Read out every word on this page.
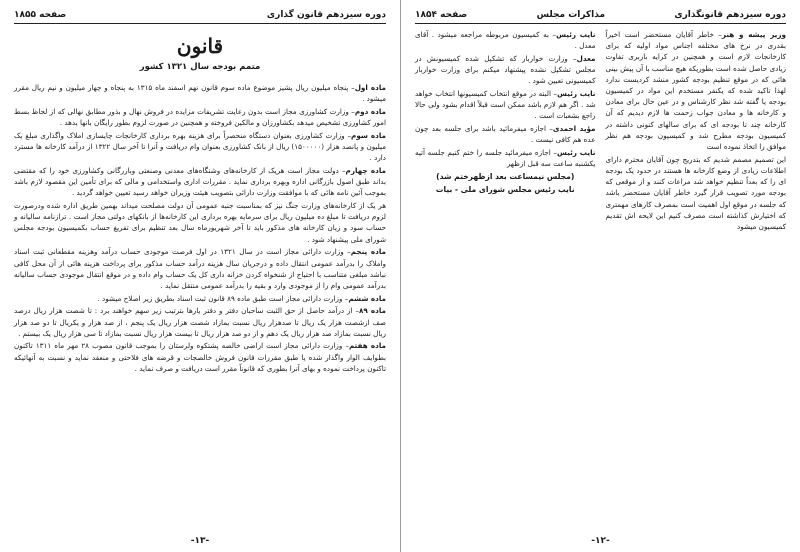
دوره سیزدهم قانونگذاری
مذاکرات مجلس
صفحه ۱۸۵۴

وزیر پیشه و هنر– خاطر آقایان مستحضر است اخیراً بقدری در نرخ های مختلفه اجناس مواد اولیه که برای کارخانجات لازم است و همچنین در کرایه باربری تفاوت زیادی حاصل شده است بطوریکه هیچ مناسب با آن پیش بینی هائی که در موقع تنظیم بودجه کشور منشد کردیست ندارد لهذا تاکید شده که یکنفر مستخدم این مواد در کمیسیون بودجه یا گفته شد نظر کارشناس و در عین حال برای معادن و کارخانه ها و معادن جواب زحمت ها لازم دیدیم که آن کارخانه چند تا بودجه ای که برای سالهای کنونی داشته در کمیسیون بودجه مطرح شد و کمیسیون بودجه هم نظر موافق را اتخاذ نموده است

این تصمیم مصمم شدیم که بتدریج چون آقایان محترم دارای اطلاعات زیادی از وضع کارخانه ها هستند در حدود یک بودجه ای را که بعداً تنظیم خواهد شد مراعات کنند و از موقعی که بودجه مورد تصویب قرار گیرد خاطر آقایان مستحضر باشد که جلسه در موقع اول اهمیت است بمصرف کارهای مهمتری که اختیارش کذاشته است مصرف کنیم این لایحه اش تقدیم کمیسیون میشود

نایب رئیس– به کمیسیون مربوطه مراجعه میشود . آقای معدل .

معدل– وزارت خواربار که تشکیل شده کمیسیونش در مجلس تشکیل نشده پیشنهاد میکنم برای وزارت خواربار کمیسیونی تعیین شود .

نایب رئیس– البته در موقع انتخاب کمیسیونها انتخاب خواهد شد . اگر هم لازم باشد ممکن است قبلاً اقدام بشود ولی حالا راجع بشعبات است .

مؤید احمدی– اجازه میفرمائید باشد برای جلسه بعد چون عده هم کافی نیست .

نایب رئیس– اجازه میفرمائید جلسه را ختم کنیم جلسه آتیه یکشنبه ساعت سه قبل ازظهر

(مجلس نیمساعت بعد ازظهرختم شد)

نایب رئیس مجلس شورای ملی - بیات

-۱۲-
دوره سیزدهم قانون گذاری
صفحه ۱۸۵۵
قانون
متمم بودجه سال ۱۳۲۱ کشور

ماده اول– پنجاه میلیون ریال پشیز موضوع ماده سوم قانون نهم اسفند ماه ۱۳۱۵ به پنجاه و چهار میلیون و نیم ریال مقرر میشود .

ماده دوم– وزارت کشاورزی مجاز است بدون رعایت تشریفات مزایده در فروش نهال و بذور مطابق نهالی که از لحاظ بسط امور کشاورزی تشخیص میدهد بکشاورزان و مالکین فروخته و همچنین در صورت لزوم بطور رایگان بانها بدهد .

ماده سوم– وزارت کشاورزی بعنوان دستگاه منحصراً برای هزینه بهره برداری کارخانجات چایسازی املاک واگذاری مبلغ یک میلیون و پانصد هزار (۱۵۰۰۰۰۰) ریال از بانک کشاورزی بعنوان وام دریافت و آنرا تا آخر سال ۱۳۲۲ از درآمد کارخانه ها مسترد دارد .

ماده چهارم– دولت مجاز است هریک از کارخانه‌های وشنگاه‌های معدنی وصنعتی وبازرگانی وکشاورزی خود را که مقتضی بداند طبق اصول بازرگانی اداره وبهره برداری نماید . مقررات اداری واستخدامی و مالی که برای تأمین این مقصود لازم باشد بموجب آئین نامه هائی که با موافقت وزارت دارائی بتصویب هیئت وزیران خواهد رسید تعیین خواهد گردید .

هر یک از کارخانه‌های وزارت جنگ نیز که بمناسبت جنبه عمومی آن دولت مصلحت میداند بهمین طریق اداره شده ودرصورت لزوم دریافت تا مبلغ ده میلیون ریال برای سرمایه بهره برداری این کارخانه‌ها از بانکهای دولتی مجاز است . ترازنامه سالیانه و حساب سود و زیان کارخانه های مذکور باید تا آخر شهریورماه سال بعد تنظیم برای تفریغ حساب بکمیسیون بودجه مجلس شورای ملی پیشنهاد شود .

ماده پنجم– وزارت دارائی مجاز است در سال ۱۳۲۱ در اول فرصت موجودی حساب درآمد وهزینه مقطعانی ثبت اسناد واملاک را بدرآمد عمومی انتقال داده و درجریان سال هزینه درآمد حساب مذکور برای پرداخت هزینه هائی از آن محل کافی نباشد مبلغی متناسب با احتیاج از شنخواه کردن خزانه داری کل یک حساب وام داده و در موقع انتقال موجودی حساب سالیانه بدرآمد عمومی وام را از موجودی وارد و بقیه را بدرآمد عمومی منتقل نماید .

ماده ششم– وزارت دارائی مجاز است طبق ماده ۸۹ قانون ثبت اسناد بطریق زیر اصلاح میشود .

ماده ۸۹– از درآمد حاصل از حق الثبت ساحبان دفتر و دفتر یارها بترتیب زیر سهم خواهند برد : تا شصت هزار ریال درصد صف ازشصت هزار یک ریال تا صدهزار ریال نسبت بمازاد شصت هزار ریال یک پنجم ، از صد هزار و یکریال تا دو صد هزار ریال نسبت بمازاد صد هزار ریال یک دهم و از دو صد هزار ریال تا بیست هزار ریال نسبت بمازاد تا سی هزار ریال یک بیستم .

ماده هفتم– وزارت دارائی مجاز است اراضی خالصه پشتکوه ولرستان را بموجب قانون مصوب ۲۸ مهر ماه ۱۳۱۱ تاکنون بطوایف الوار واگذار شده یا طبق مقررات قانون فروش خالصجات و قرضه های فلاحتی و منعقد نماید و نسبت به آنهائیکه تاکنون پرداخت نموده و بهای آنرا بطوری که قانوناً مقرر است دریافت و صرف نماید .

-۱۳-
